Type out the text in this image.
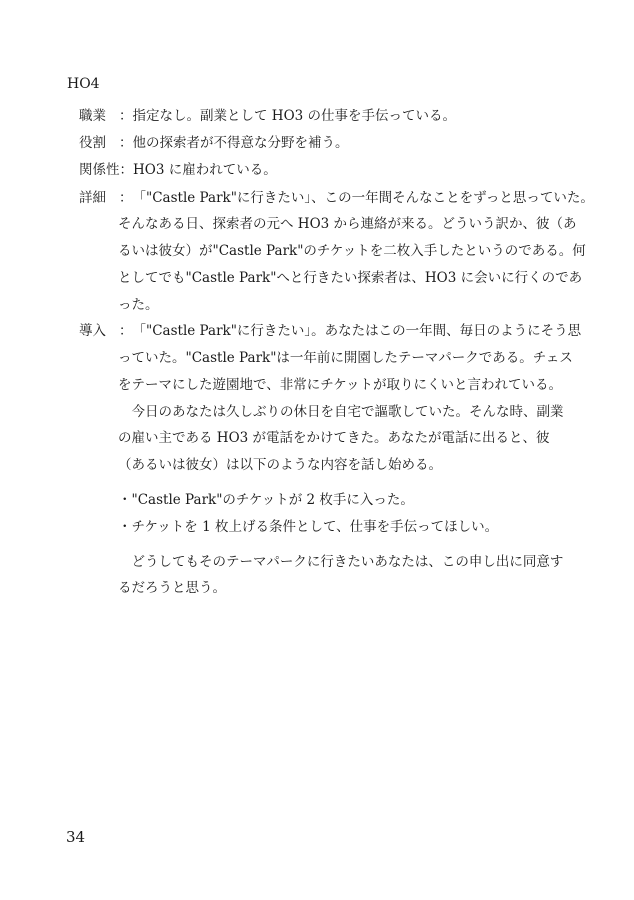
HO4
職業 ：指定なし。副業として HO3 の仕事を手伝っている。
役割 ：他の探索者が不得意な分野を補う。
関係性：HO3 に雇われている。
詳細 ：「"Castle Park"に行きたい」、この一年間そんなことをずっと思っていた。
そんなある日、探索者の元へ HO3 から連絡が来る。どういう訳か、彼（あ
るいは彼女）が"Castle Park"のチケットを二枚入手したというのである。何
としてでも"Castle Park"へと行きたい探索者は、HO3 に会いに行くのであ
った。
導入 ：「"Castle Park"に行きたい」。あなたはこの一年間、毎日のようにそう思
っていた。"Castle Park"は一年前に開園したテーマパークである。チェス
をテーマにした遊園地で、非常にチケットが取りにくいと言われている。
　今日のあなたは久しぶりの休日を自宅で謳歌していた。そんな時、副業
の雇い主である HO3 が電話をかけてきた。あなたが電話に出ると、彼
（あるいは彼女）は以下のような内容を話し始める。
・"Castle Park"のチケットが 2 枚手に入った。
・チケットを 1 枚上げる条件として、仕事を手伝ってほしい。
　どうしてもそのテーマパークに行きたいあなたは、この申し出に同意す
るだろうと思う。
34
